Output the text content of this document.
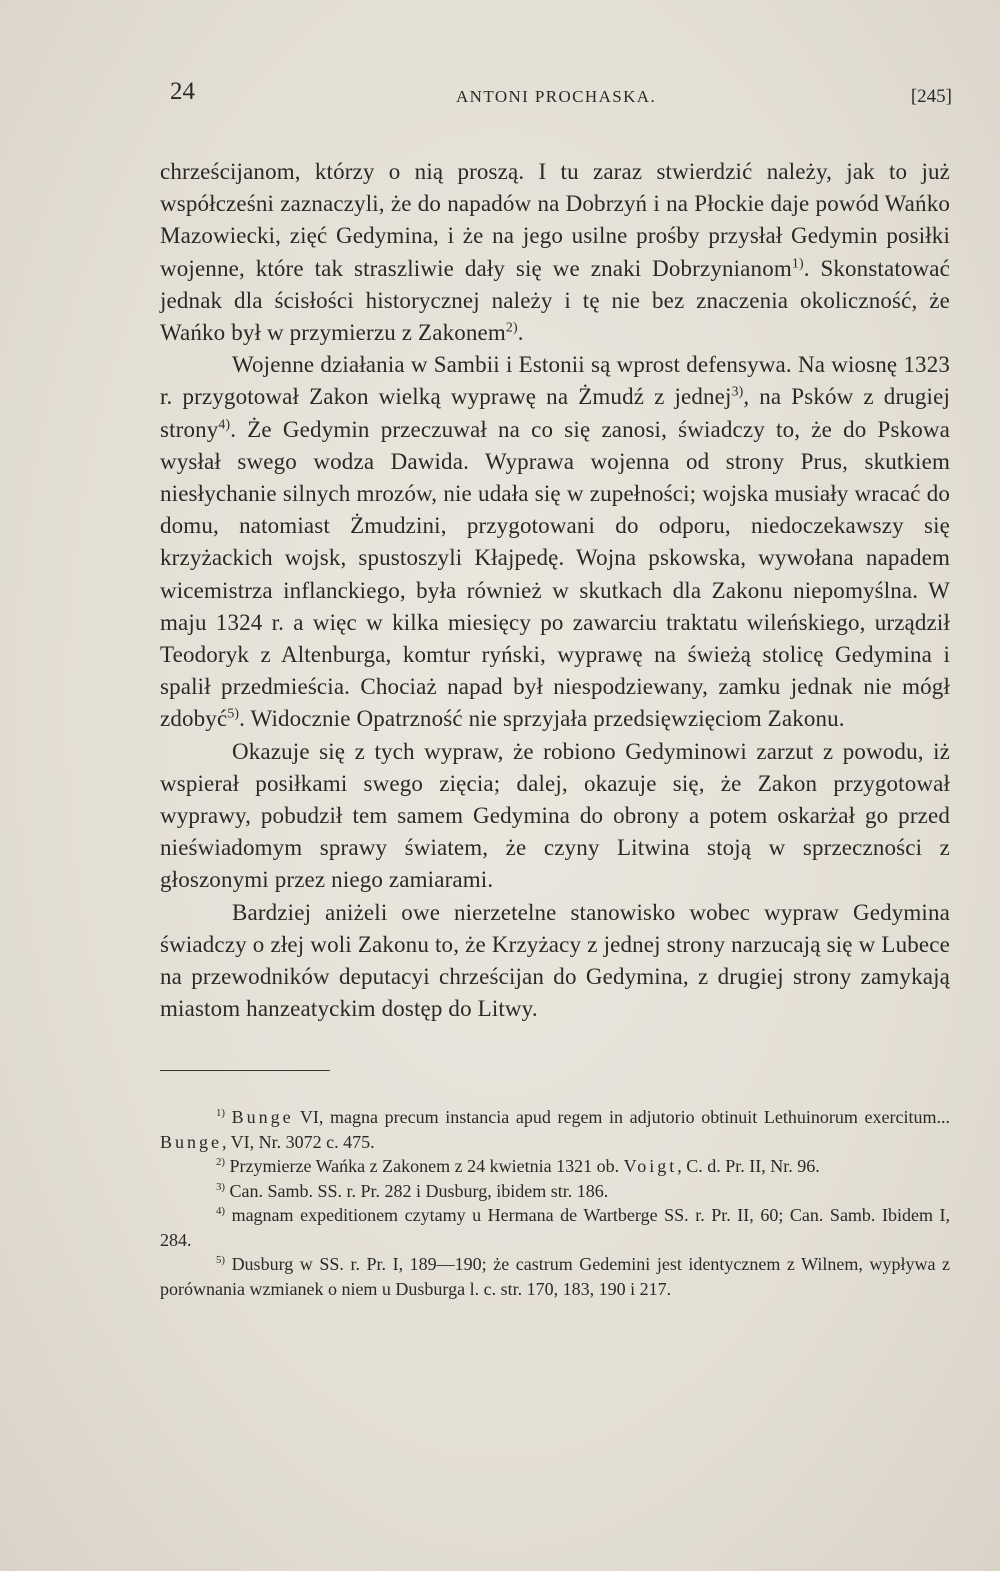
24	ANTONI PROCHASKA.	[245]

chrześcijanom, którzy o nią proszą. I tu zaraz stwierdzić należy, jak to już współcześni zaznaczyli, że do napadów na Dobrzyń i na Płockie daje powód Wańko Mazowiecki, zięć Gedymina, i że na jego usilne prośby przysłał Gedymin posiłki wojenne, które tak straszliwie dały się we znaki Dobrzynianom$^{1)}$. Skonstatować jednak dla ścisłości historycznej należy i tę nie bez znaczenia okoliczność, że Wańko był w przymierzu z Zakonem$^{2)}$.

Wojenne działania w Sambii i Estonii są wprost defensywa. Na wiosnę 1323 r. przygotował Zakon wielką wyprawę na Żmudź z jednej$^{3)}$, na Psków z drugiej strony$^{4)}$. Że Gedymin przeczuwał na co się zanosi, świadczy to, że do Pskowa wysłał swego wodza Dawida. Wyprawa wojenna od strony Prus, skutkiem niesłychanie silnych mrozów, nie udała się w zupełności; wojska musiały wracać do domu, natomiast Żmudzini, przygotowani do odporu, niedoczekawszy się krzyżackich wojsk, spustoszyli Kłajpedę. Wojna pskowska, wywołana napadem wicemistrza inflanckiego, była również w skutkach dla Zakonu niepomyślna. W maju 1324 r. a więc w kilka miesięcy po zawarciu traktatu wileńskiego, urządził Teodoryk z Altenburga, komtur ryński, wyprawę na świeżą stolicę Gedymina i spalił przedmieścia. Chociaż napad był niespodziewany, zamku jednak nie mógł zdobyć$^{5)}$. Widocznie Opatrzność nie sprzyjała przedsięwzięciom Zakonu.

Okazuje się z tych wypraw, że robiono Gedyminowi zarzut z powodu, iż wspierał posiłkami swego zięcia; dalej, okazuje się, że Zakon przygotował wyprawy, pobudził tem samem Gedymina do obrony a potem oskarżał go przed nieświadomym sprawy światem, że czyny Litwina stoją w sprzeczności z głoszonymi przez niego zamiarami.

Bardziej aniżeli owe nierzetelne stanowisko wobec wypraw Gedymina świadczy o złej woli Zakonu to, że Krzyżacy z jednej strony narzucają się w Lubece na przewodników deputacyi chrześcijan do Gedymina, z drugiej strony zamykają miastom hanzeatyckim dostęp do Litwy.

$^{1)}$ Bunge VI, magna precum instancia apud regem in adjutorio obtinuit Lethuinorum exercitum... Bunge, VI, Nr. 3072 c. 475.

$^{2)}$ Przymierze Wańka z Zakonem z 24 kwietnia 1321 ob. Voigt, C. d. Pr. II, Nr. 96.

$^{3)}$ Can. Samb. SS. r. Pr. 282 i Dusburg, ibidem str. 186.

$^{4)}$ magnam expeditionem czytamy u Hermana de Wartberge SS. r. Pr. II, 60; Can. Samb. Ibidem I, 284.

$^{5)}$ Dusburg w SS. r. Pr. I, 189—190; że castrum Gedemini jest identycznem z Wilnem, wypływa z porównania wzmianek o niem u Dusburga l. c. str. 170, 183, 190 i 217.
